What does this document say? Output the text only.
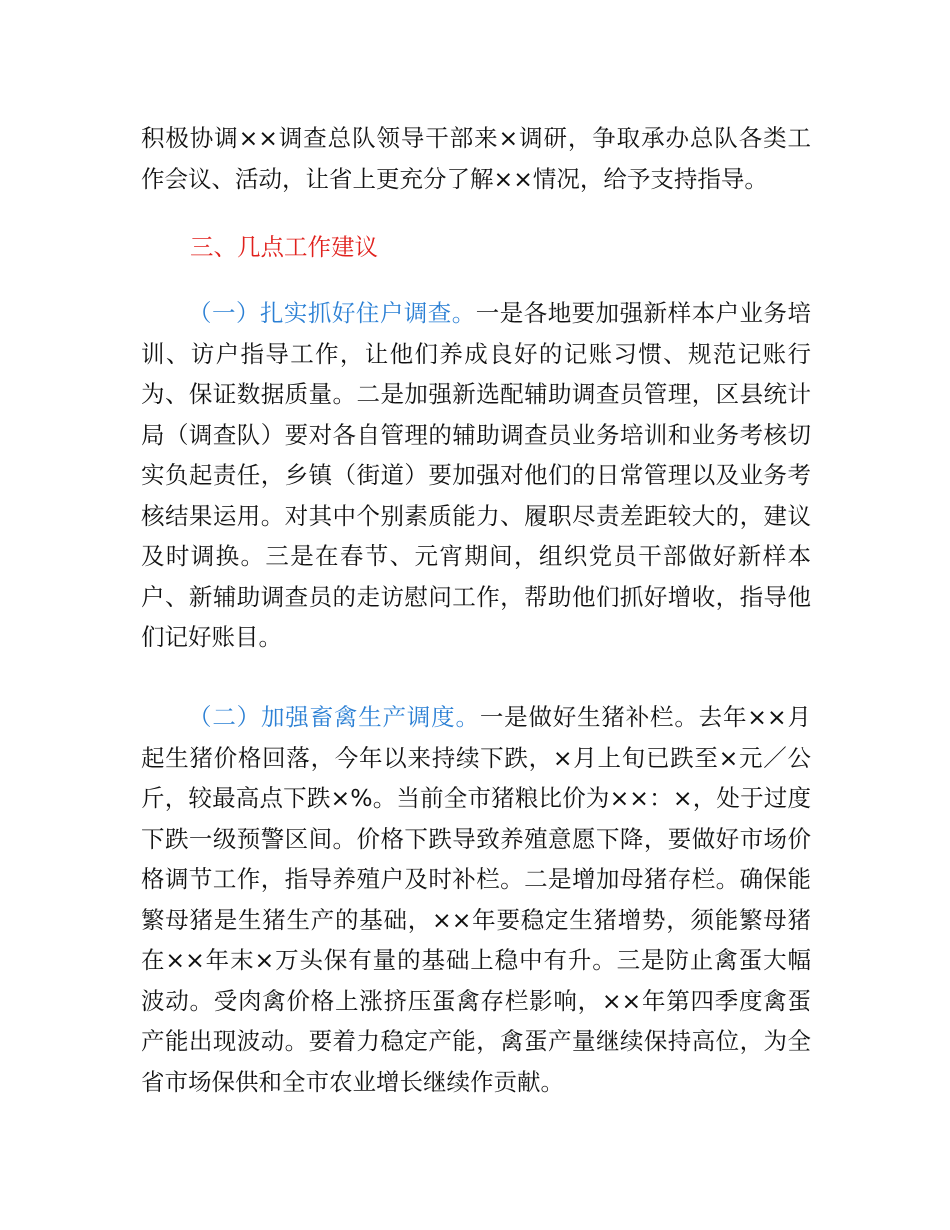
积极协调××调查总队领导干部来×调研，争取承办总队各类工作会议、活动，让省上更充分了解××情况，给予支持指导。

三、几点工作建议

（一）扎实抓好住户调查。一是各地要加强新样本户业务培训、访户指导工作，让他们养成良好的记账习惯、规范记账行为、保证数据质量。二是加强新选配辅助调查员管理，区县统计局（调查队）要对各自管理的辅助调查员业务培训和业务考核切实负起责任，乡镇（街道）要加强对他们的日常管理以及业务考核结果运用。对其中个别素质能力、履职尽责差距较大的，建议及时调换。三是在春节、元宵期间，组织党员干部做好新样本户、新辅助调查员的走访慰问工作，帮助他们抓好增收，指导他们记好账目。

（二）加强畜禽生产调度。一是做好生猪补栏。去年××月起生猪价格回落，今年以来持续下跌，×月上旬已跌至×元／公斤，较最高点下跌×%。当前全市猪粮比价为××：×，处于过度下跌一级预警区间。价格下跌导致养殖意愿下降，要做好市场价格调节工作，指导养殖户及时补栏。二是增加母猪存栏。确保能繁母猪是生猪生产的基础，××年要稳定生猪增势，须能繁母猪在××年末×万头保有量的基础上稳中有升。三是防止禽蛋大幅波动。受肉禽价格上涨挤压蛋禽存栏影响，××年第四季度禽蛋产能出现波动。要着力稳定产能，禽蛋产量继续保持高位，为全省市场保供和全市农业增长继续作贡献。
